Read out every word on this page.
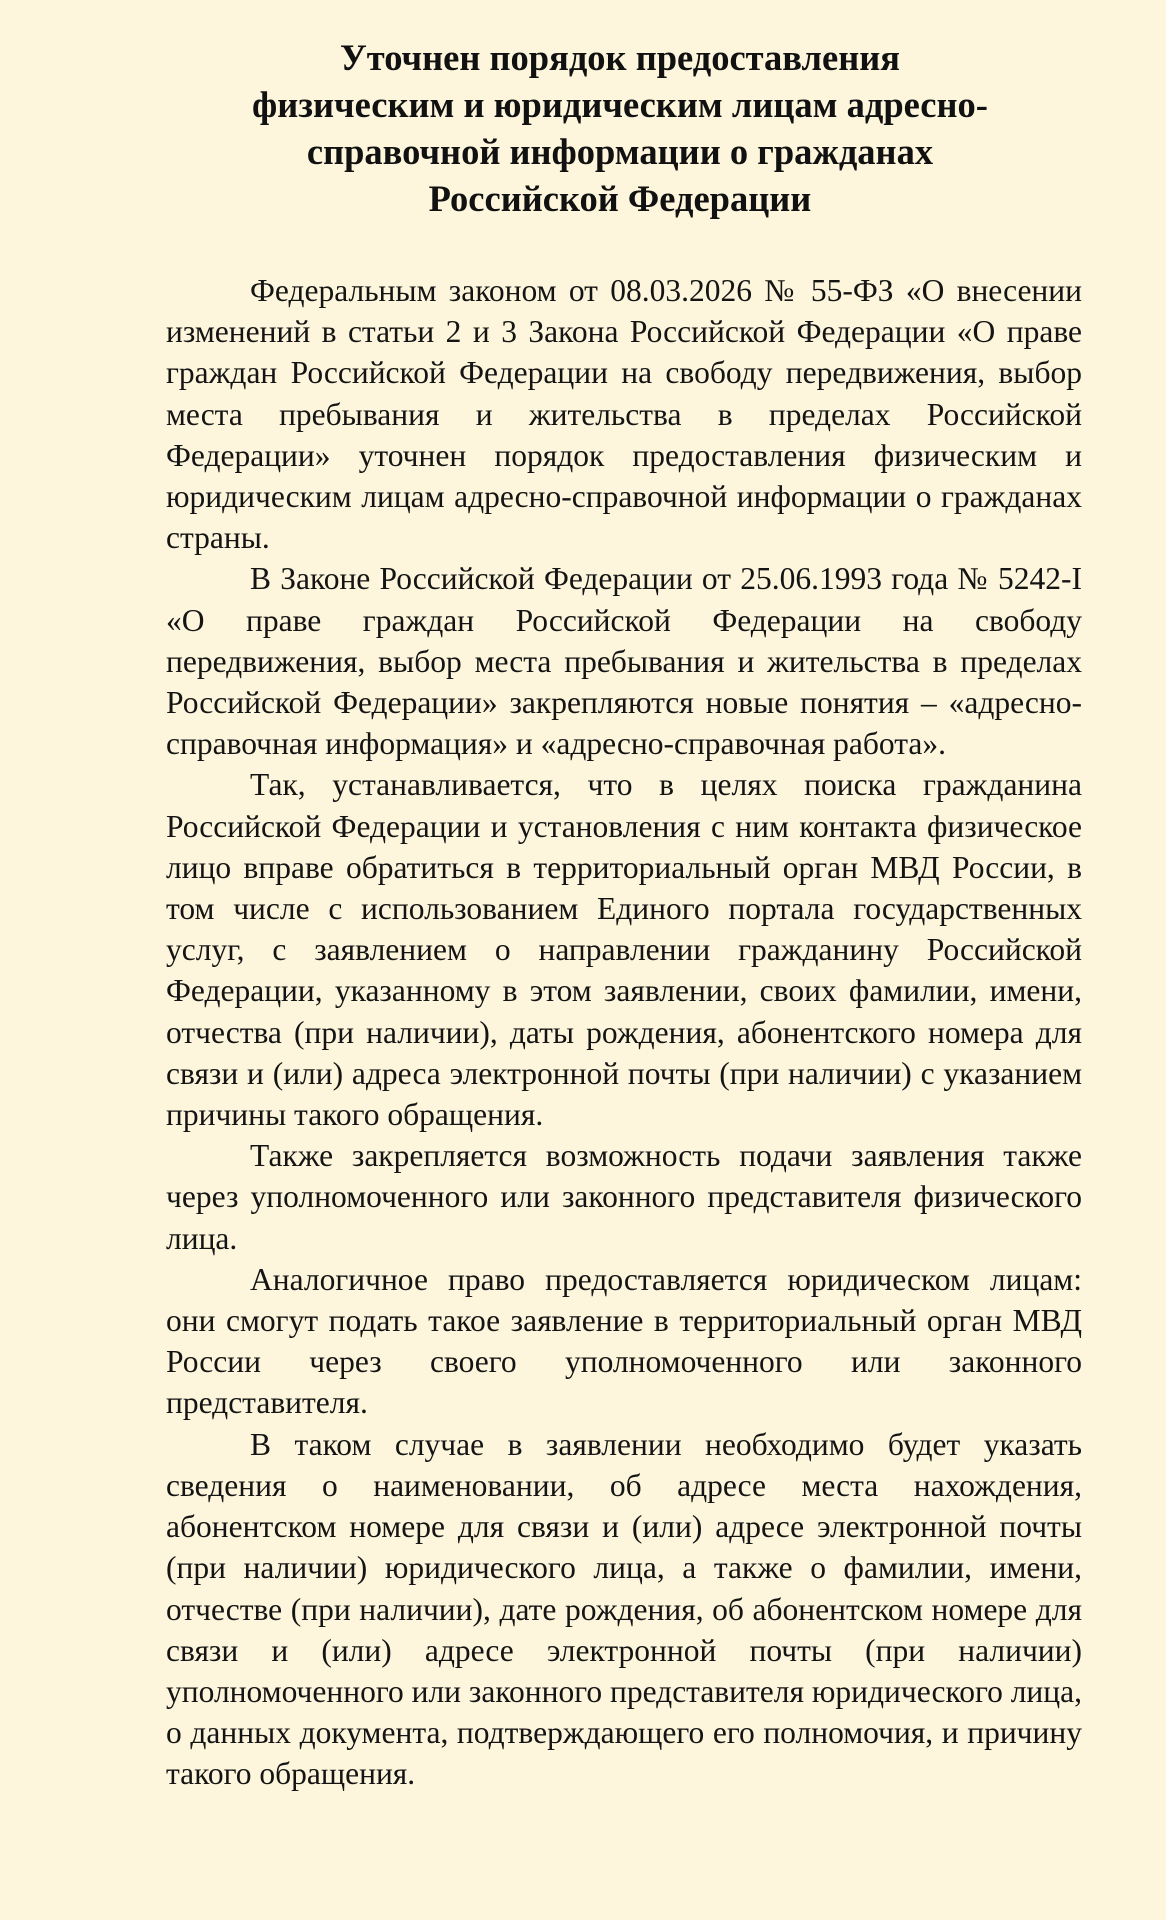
Уточнен порядок предоставления
физическим и юридическим лицам адресно-
справочной информации о гражданах
Российской Федерации

Федеральным законом от 08.03.2026 № 55-ФЗ «О внесении изменений в статьи 2 и 3 Закона Российской Федерации «О праве граждан Российской Федерации на свободу передвижения, выбор места пребывания и жительства в пределах Российской Федерации» уточнен порядок предоставления физическим и юридическим лицам адресно-справочной информации о гражданах страны.

В Законе Российской Федерации от 25.06.1993 года № 5242-I «О праве граждан Российской Федерации на свободу передвижения, выбор места пребывания и жительства в пределах Российской Федерации» закрепляются новые понятия – «адресно-справочная информация» и «адресно-справочная работа».

Так, устанавливается, что в целях поиска гражданина Российской Федерации и установления с ним контакта физическое лицо вправе обратиться в территориальный орган МВД России, в том числе с использованием Единого портала государственных услуг, с заявлением о направлении гражданину Российской Федерации, указанному в этом заявлении, своих фамилии, имени, отчества (при наличии), даты рождения, абонентского номера для связи и (или) адреса электронной почты (при наличии) с указанием причины такого обращения.

Также закрепляется возможность подачи заявления также через уполномоченного или законного представителя физического лица.

Аналогичное право предоставляется юридическом лицам: они смогут подать такое заявление в территориальный орган МВД России через своего уполномоченного или законного представителя.

В таком случае в заявлении необходимо будет указать сведения о наименовании, об адресе места нахождения, абонентском номере для связи и (или) адресе электронной почты (при наличии) юридического лица, а также о фамилии, имени, отчестве (при наличии), дате рождения, об абонентском номере для связи и (или) адресе электронной почты (при наличии) уполномоченного или законного представителя юридического лица, о данных документа, подтверждающего его полномочия, и причину такого обращения.
